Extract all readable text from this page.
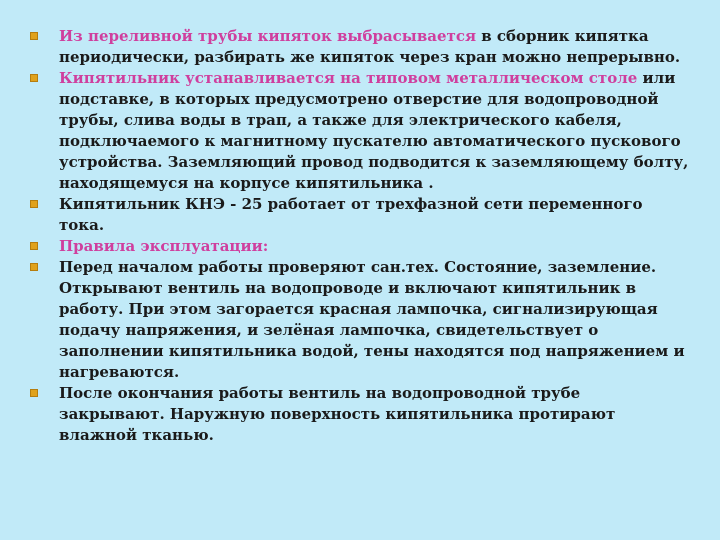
Из переливной трубы кипяток выбрасывается в сборник кипятка периодически, разбирать же кипяток через кран можно непрерывно.
Кипятильник устанавливается на типовом металлическом столе или подставке, в которых предусмотрено отверстие для водопроводной трубы, слива воды в трап, а также для электрического кабеля, подключаемого к магнитному пускателю автоматического пускового устройства. Заземляющий провод подводится к заземляющему болту, находящемуся на корпусе кипятильника .
Кипятильник КНЭ - 25 работает от трехфазной сети переменного тока.
Правила эксплуатации:
Перед началом работы проверяют сан.тех. Состояние, заземление. Открывают вентиль на водопроводе и включают кипятильник в работу. При этом загорается красная лампочка, сигнализирующая подачу напряжения, и зелёная лампочка, свидетельствует о заполнении кипятильника водой, тены находятся под напряжением и нагреваются.
После окончания работы вентиль на водопроводной трубе закрывают. Наружную поверхность кипятильника протирают влажной тканью.
